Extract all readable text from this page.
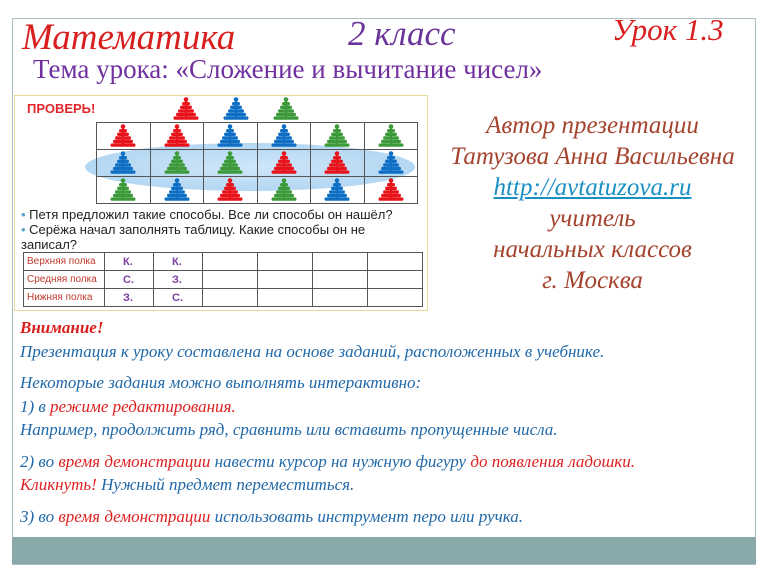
Математика	2 класс	Урок 1.3
Тема урока: «Сложение и вычитание чисел»
ПРОВЕРЬ!

• Петя предложил такие способы. Все ли способы он нашёл?
• Серёжа начал заполнять таблицу. Какие способы он не
записал?
Верхняя полка	К.	К.				
Средняя полка	С.	З.				
Нижняя полка	З.	С.				
Автор презентации
Татузова Анна Васильевна
http://avtatuzova.ru
учитель
начальных классов
г. Москва
Внимание!
Презентация к уроку составлена на основе заданий, расположенных в учебнике.
Некоторые задания можно выполнять интерактивно:
1) в режиме редактирования.
Например, продолжить ряд, сравнить или вставить пропущенные числа.
2) во время демонстрации навести курсор на нужную фигуру до появления ладошки.
Кликнуть! Нужный предмет переместиться.
3) во время демонстрации использовать инструмент перо или ручка.
